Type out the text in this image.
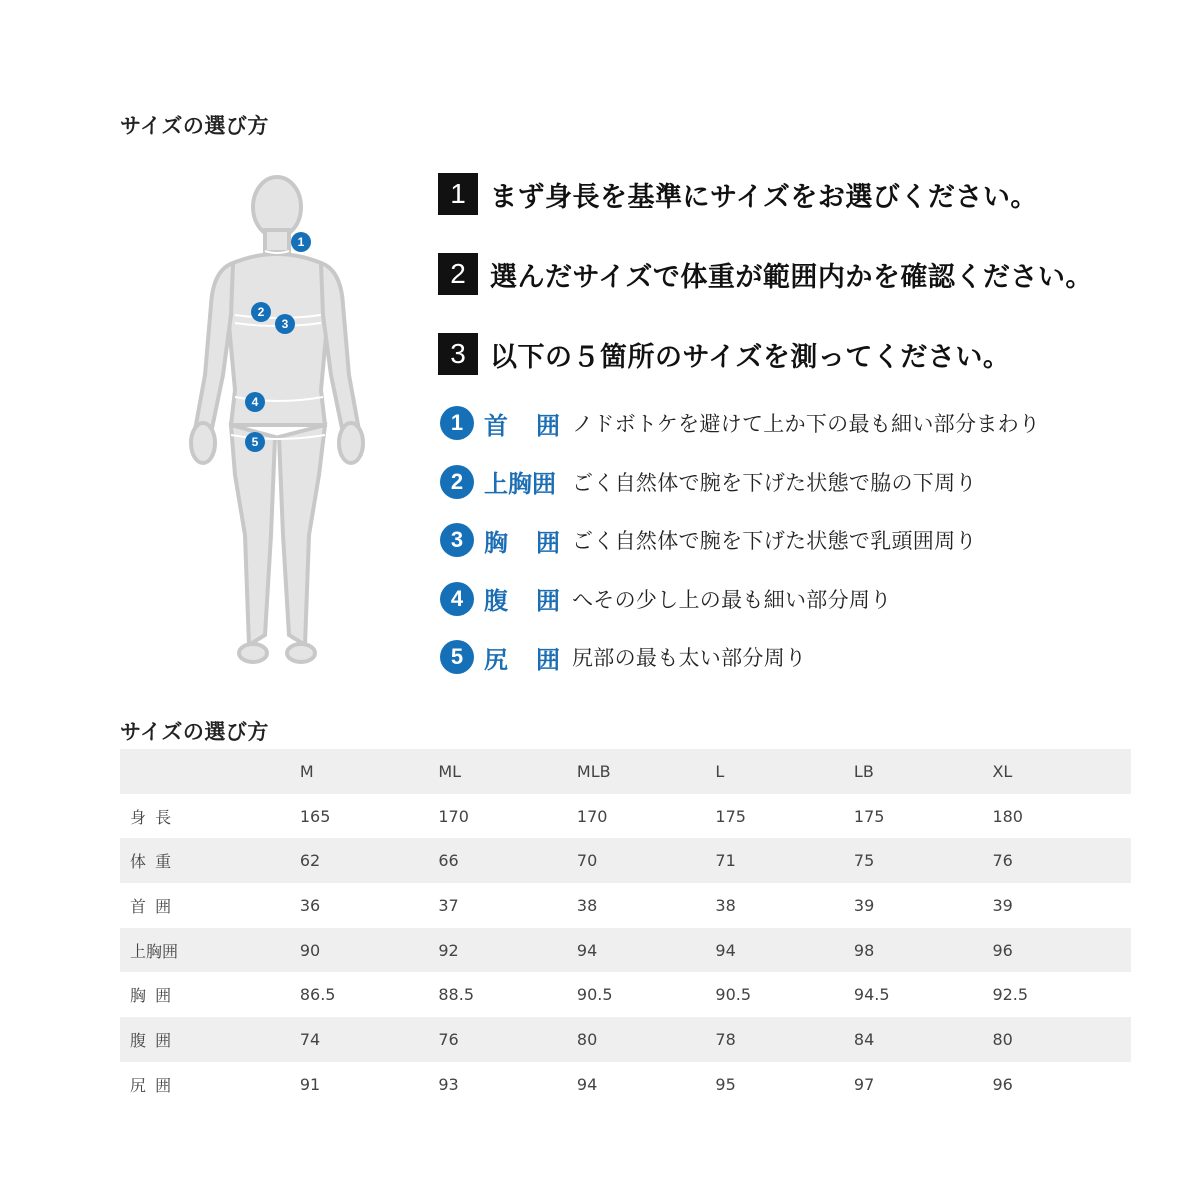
サイズの選び方
1
2
3
4
5
1 まず身長を基準にサイズをお選びください。
2 選んだサイズで体重が範囲内かを確認ください。
3 以下の５箇所のサイズを測ってください。
1 首　囲 ノドボトケを避けて上か下の最も細い部分まわり
2 上胸囲 ごく自然体で腕を下げた状態で脇の下周り
3 胸　囲 ごく自然体で腕を下げた状態で乳頭囲周り
4 腹　囲 へその少し上の最も細い部分周り
5 尻　囲 尻部の最も太い部分周り
サイズの選び方
	M	ML	MLB	L	LB	XL
身 長	165	170	170	175	175	180
体 重	62	66	70	71	75	76
首 囲	36	37	38	38	39	39
上胸囲	90	92	94	94	98	96
胸 囲	86.5	88.5	90.5	90.5	94.5	92.5
腹 囲	74	76	80	78	84	80
尻 囲	91	93	94	95	97	96
